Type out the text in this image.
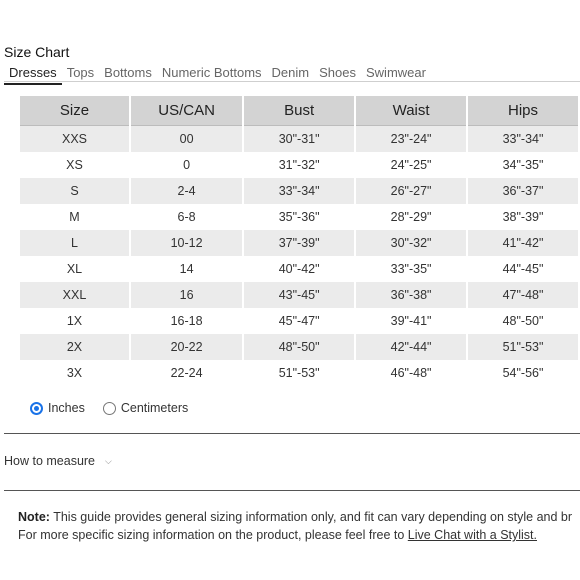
Size Chart
Dresses Tops Bottoms Numeric Bottoms Denim Shoes Swimwear
Size	US/CAN	Bust	Waist	Hips
XXS	00	30"-31"	23"-24"	33"-34"
XS	0	31"-32"	24"-25"	34"-35"
S	2-4	33"-34"	26"-27"	36"-37"
M	6-8	35"-36"	28"-29"	38"-39"
L	10-12	37"-39"	30"-32"	41"-42"
XL	14	40"-42"	33"-35"	44"-45"
XXL	16	43"-45"	36"-38"	47"-48"
1X	16-18	45"-47"	39"-41"	48"-50"
2X	20-22	48"-50"	42"-44"	51"-53"
3X	22-24	51"-53"	46"-48"	54"-56"
Inches	Centimeters
How to measure ⌵
Note: This guide provides general sizing information only, and fit can vary depending on style and br
For more specific sizing information on the product, please feel free to Live Chat with a Stylist.
